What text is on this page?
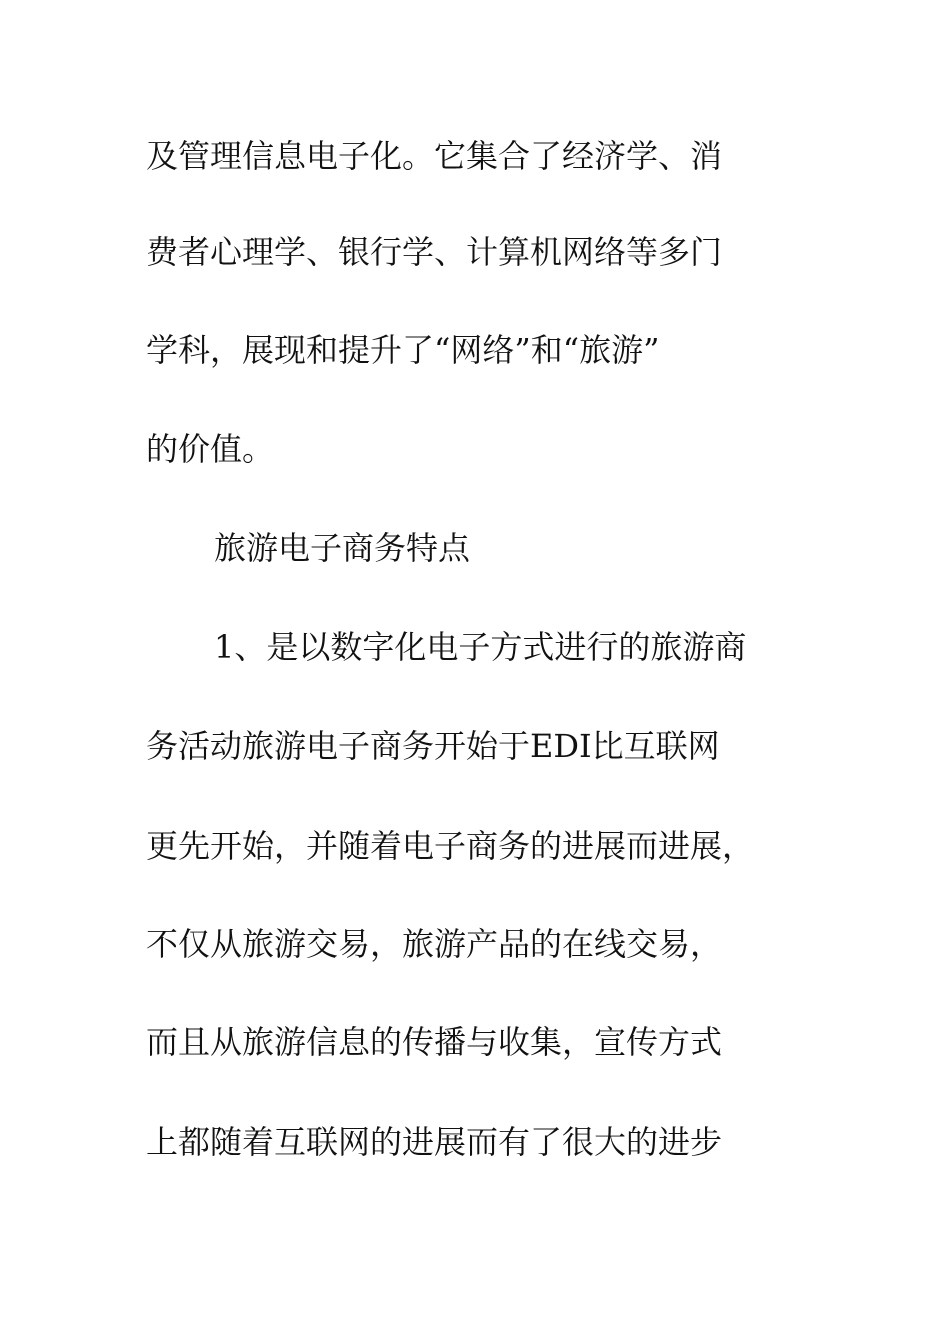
及管理信息电子化。它集合了经济学、消
费者心理学、银行学、计算机网络等多门
学科，展现和提升了“网络”和“旅游”
的价值。
旅游电子商务特点
1、是以数字化电子方式进行的旅游商
务活动旅游电子商务开始于EDI比互联网
更先开始，并随着电子商务的进展而进展，
不仅从旅游交易，旅游产品的在线交易，
而且从旅游信息的传播与收集，宣传方式
上都随着互联网的进展而有了很大的进步
